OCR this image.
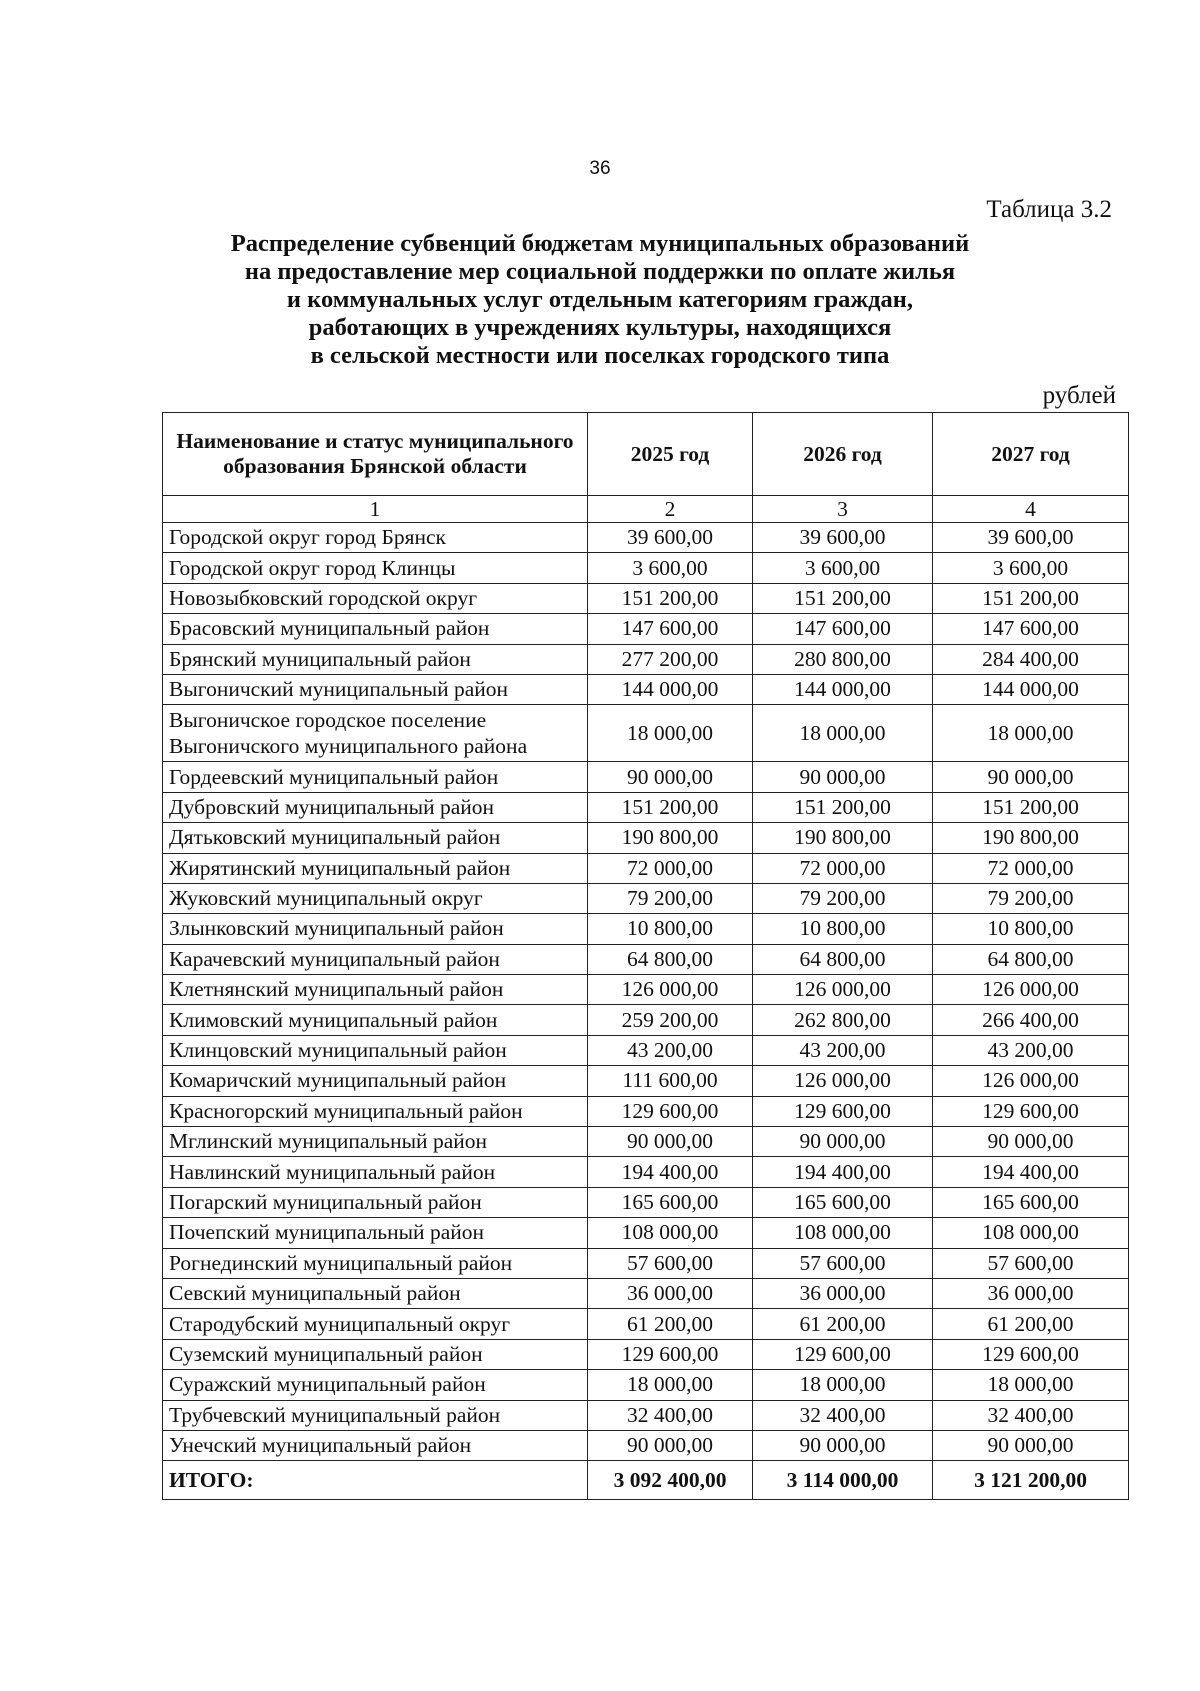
36
Таблица 3.2
Распределение субвенций бюджетам муниципальных образований
на предоставление мер социальной поддержки по оплате жилья
и коммунальных услуг отдельным категориям граждан,
работающих в учреждениях культуры, находящихся
в сельской местности или поселках городского типа
рублей
Наименование и статус муниципального образования Брянской области	2025 год	2026 год	2027 год
1	2	3	4
Городской округ город Брянск	39 600,00	39 600,00	39 600,00
Городской округ город Клинцы	3 600,00	3 600,00	3 600,00
Новозыбковский городской округ	151 200,00	151 200,00	151 200,00
Брасовский муниципальный район	147 600,00	147 600,00	147 600,00
Брянский муниципальный район	277 200,00	280 800,00	284 400,00
Выгоничский муниципальный район	144 000,00	144 000,00	144 000,00
Выгоничское городское поселение Выгоничского муниципального района	18 000,00	18 000,00	18 000,00
Гордеевский муниципальный район	90 000,00	90 000,00	90 000,00
Дубровский муниципальный район	151 200,00	151 200,00	151 200,00
Дятьковский муниципальный район	190 800,00	190 800,00	190 800,00
Жирятинский муниципальный район	72 000,00	72 000,00	72 000,00
Жуковский муниципальный округ	79 200,00	79 200,00	79 200,00
Злынковский муниципальный район	10 800,00	10 800,00	10 800,00
Карачевский муниципальный район	64 800,00	64 800,00	64 800,00
Клетнянский муниципальный район	126 000,00	126 000,00	126 000,00
Климовский муниципальный район	259 200,00	262 800,00	266 400,00
Клинцовский муниципальный район	43 200,00	43 200,00	43 200,00
Комаричский муниципальный район	111 600,00	126 000,00	126 000,00
Красногорский муниципальный район	129 600,00	129 600,00	129 600,00
Мглинский муниципальный район	90 000,00	90 000,00	90 000,00
Навлинский муниципальный район	194 400,00	194 400,00	194 400,00
Погарский муниципальный район	165 600,00	165 600,00	165 600,00
Почепский муниципальный район	108 000,00	108 000,00	108 000,00
Рогнединский муниципальный район	57 600,00	57 600,00	57 600,00
Севский муниципальный район	36 000,00	36 000,00	36 000,00
Стародубский муниципальный округ	61 200,00	61 200,00	61 200,00
Суземский муниципальный район	129 600,00	129 600,00	129 600,00
Суражский муниципальный район	18 000,00	18 000,00	18 000,00
Трубчевский муниципальный район	32 400,00	32 400,00	32 400,00
Унечский муниципальный район	90 000,00	90 000,00	90 000,00
ИТОГО:	3 092 400,00	3 114 000,00	3 121 200,00
